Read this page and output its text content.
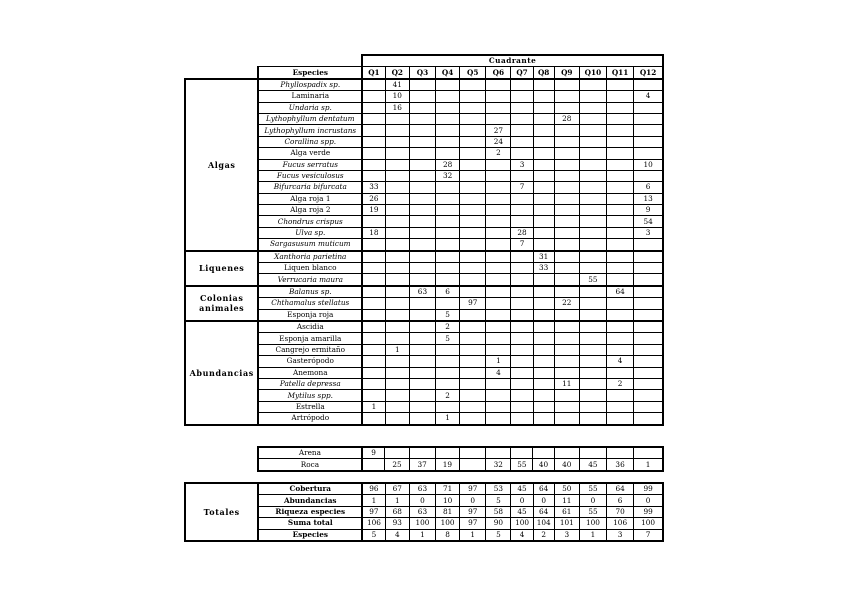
		Cuadrante											
	Especies	Q1	Q2	Q3	Q4	Q5	Q6	Q7	Q8	Q9	Q10	Q11	Q12
Algas	Phyllospadix sp.		41										
	Laminaria		10										4
	Undaria sp.		16										
	Lythophyllum dentatum									28			
	Lythophyllum incrustans						27						
	Corallina spp.						24						
	Alga verde						2						
	Fucus serratus				28			3					10
	Fucus vesiculosus				32								
	Bifurcaria bifurcata	33						7					6
	Alga roja 1	26											13
	Alga roja 2	19											9
	Chondrus crispus												54
	Ulva sp.	18						28					3
	Sargasusum muticum							7					
Liquenes	Xanthoria parietina								31				
	Liquen blanco								33				
	Verrucaria maura										55		
Colonias animales	Balanus sp.			63	6							64	
	Chthamalus stellatus					97				22			
	Esponja roja				5								
Abundancias	Ascidia				2								
	Esponja amarilla				5								
	Cangrejo ermitaño		1										
	Gasterópodo						1					4	
	Anemona						4						
	Patella depressa									11		2	
	Mytilus spp.				2								
	Estrella	1											
	Artrópodo				1								
Arena	9											
Roca		25	37	19		32	55	40	40	45	36	1
Totales	Cobertura	96	67	63	71	97	53	45	64	50	55	64	99
	Abundancias	1	1	0	10	0	5	0	0	11	0	6	0
	Riqueza especies	97	68	63	81	97	58	45	64	61	55	70	99
	Suma total	106	93	100	100	97	90	100	104	101	100	106	100
	Especies	5	4	1	8	1	5	4	2	3	1	3	7
